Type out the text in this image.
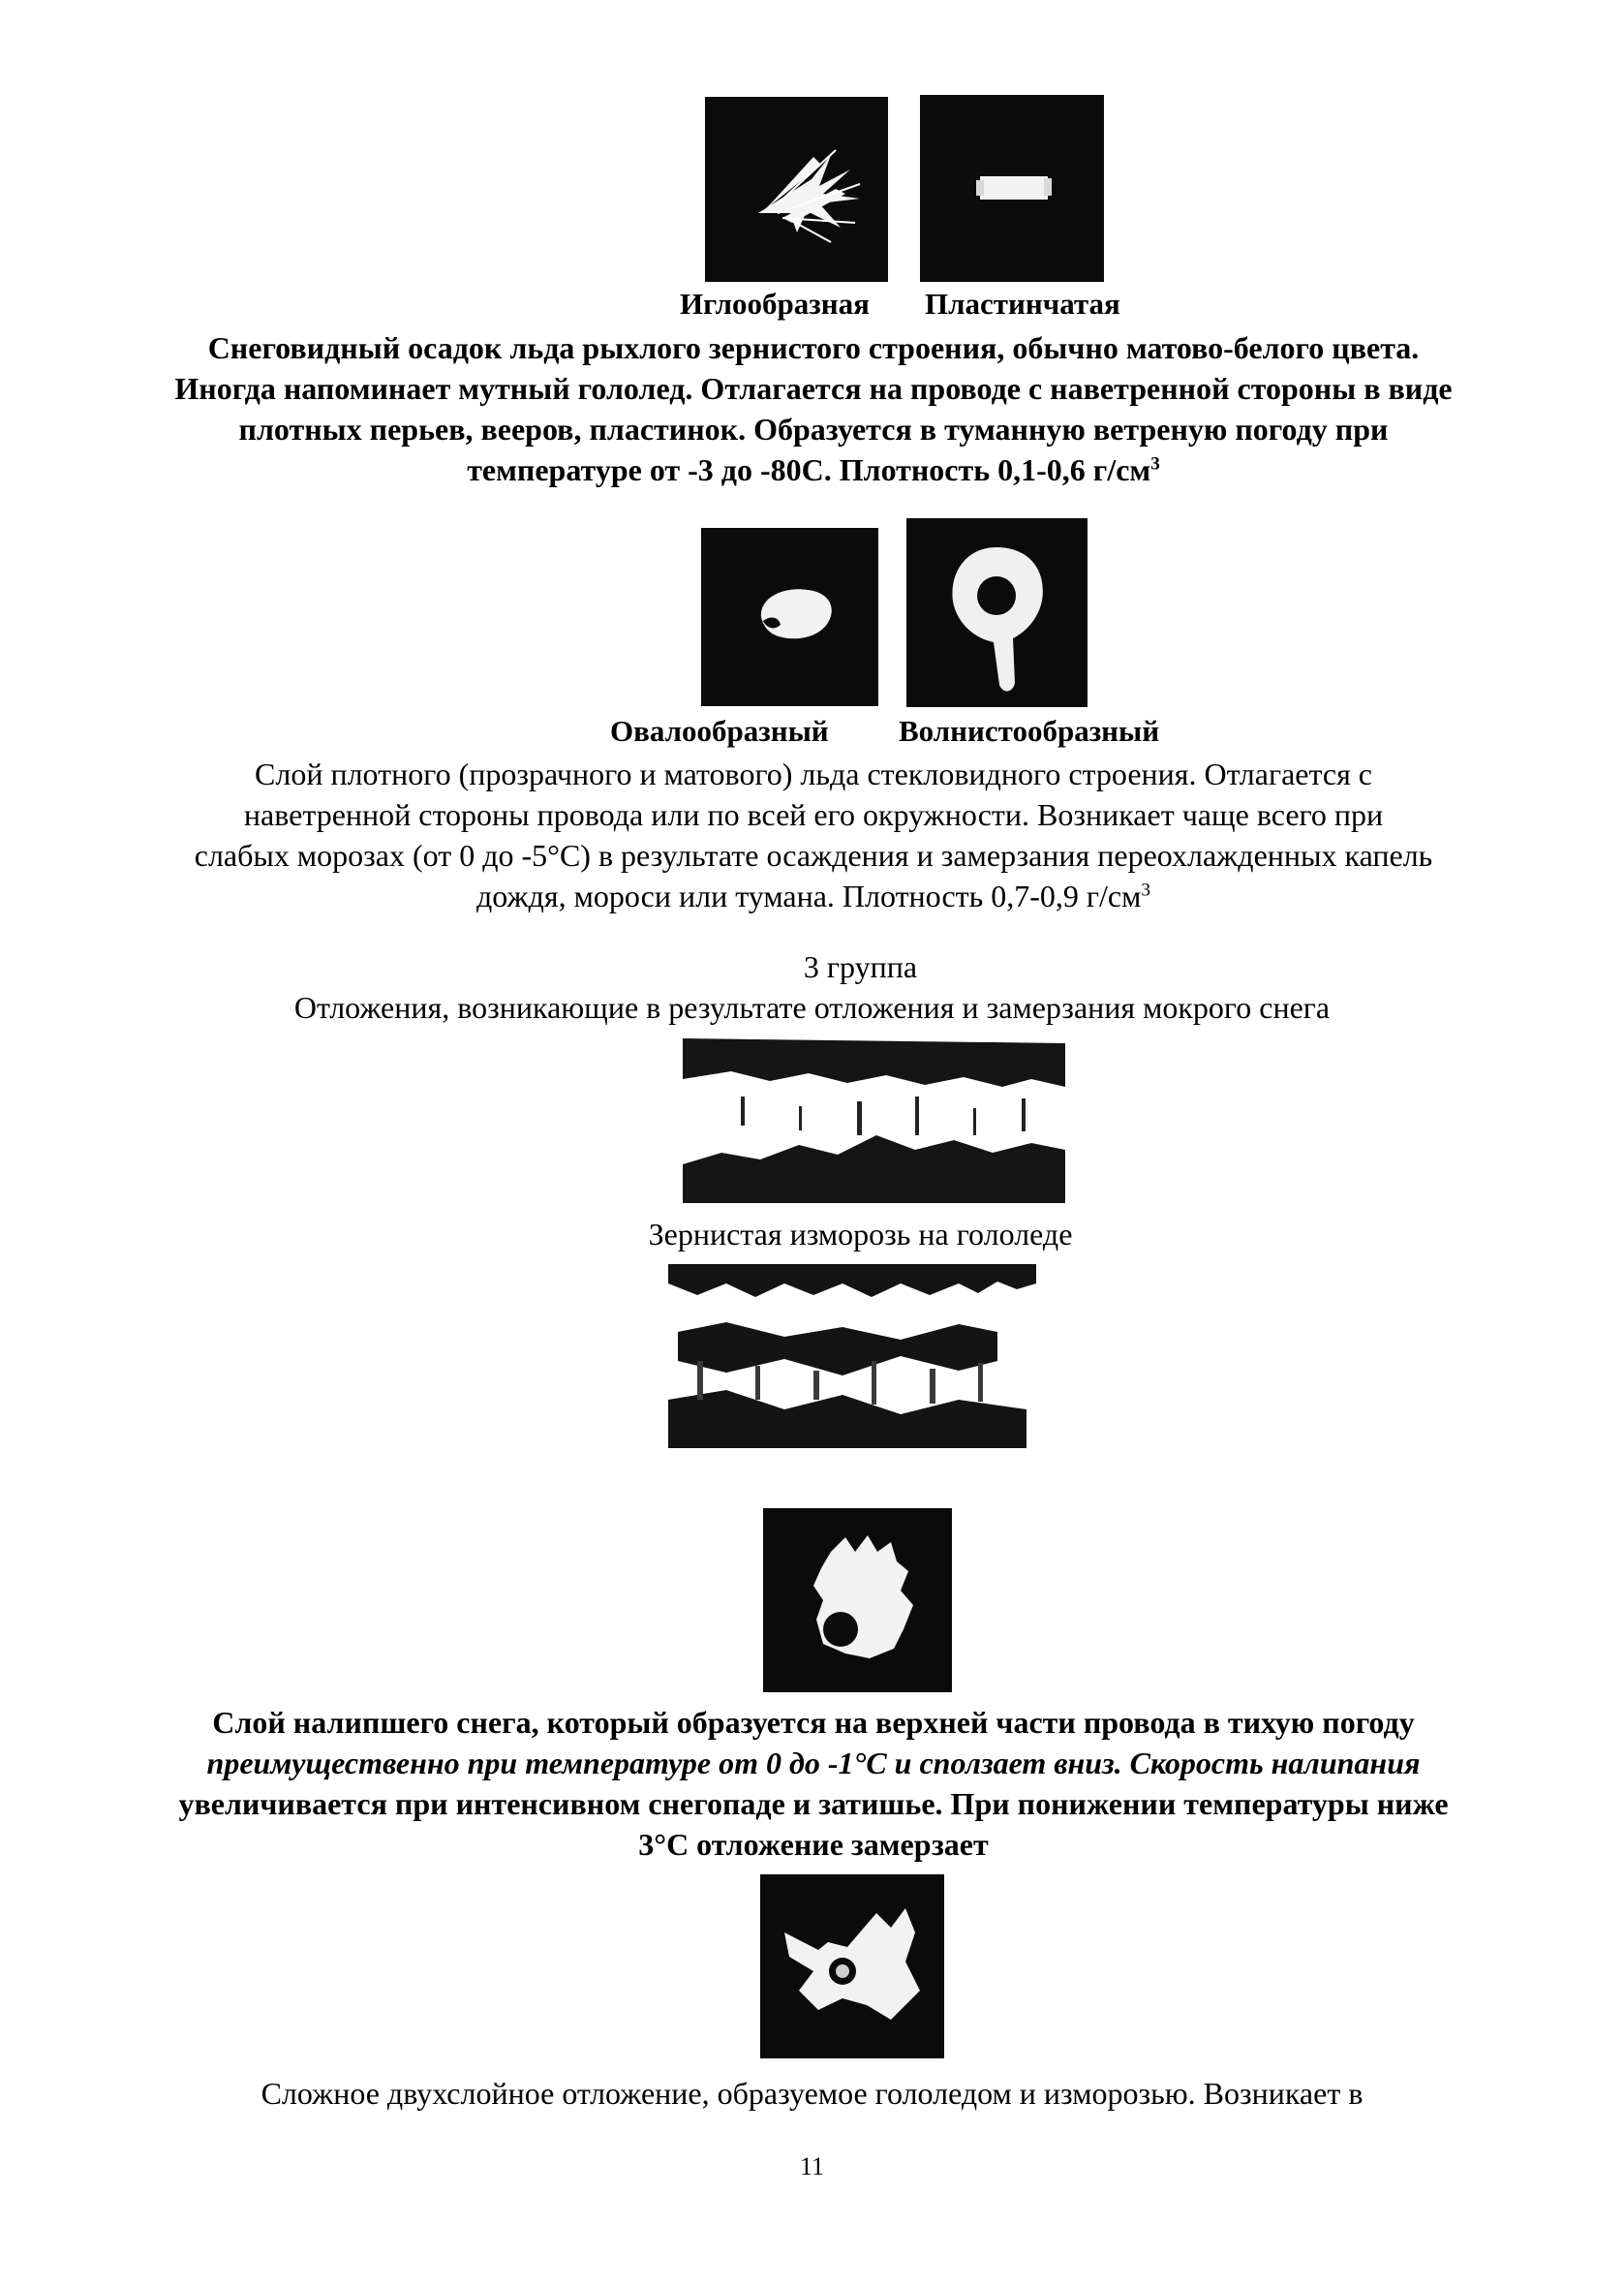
Иглообразная Пластинчатая
Снеговидный осадок льда рыхлого зернистого строения, обычно матово-белого цвета.
Иногда напоминает мутный гололед. Отлагается на проводе с наветренной стороны в виде
плотных перьев, вееров, пластинок. Образуется в туманную ветреную погоду при
температуре от -3 до -80С. Плотность 0,1-0,6 $г/см^3$
Овалообразный Волнистообразный
Слой плотного (прозрачного и матового) льда стекловидного строения. Отлагается с
наветренной стороны провода или по всей его окружности. Возникает чаще всего при
слабых морозах (от 0 до -5°С) в результате осаждения и замерзания переохлажденных капель
дождя, мороси или тумана. Плотность 0,7-0,9 $г/см^3$
3 группа
Отложения, возникающие в результате отложения и замерзания мокрого снега
Зернистая изморозь на гололеде
Слой налипшего снега, который образуется на верхней части провода в тихую погоду
преимущественно при температуре от 0 до -1°С и сползает вниз. Скорость налипания
увеличивается при интенсивном снегопаде и затишье. При понижении температуры ниже
3°С отложение замерзает
Сложное двухслойное отложение, образуемое гололедом и изморозью. Возникает в
11
